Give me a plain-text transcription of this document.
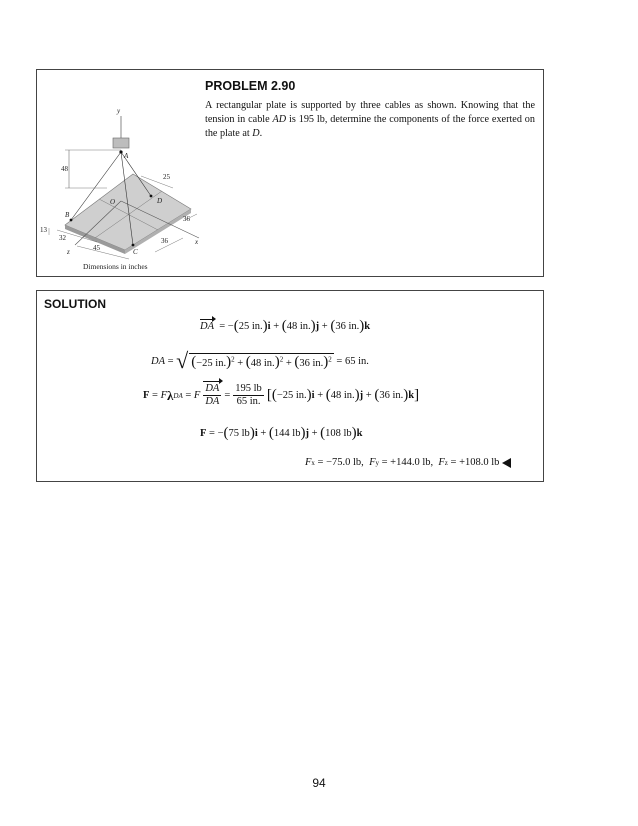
y
A
O
B
C
D
x
z
48
25
36
36
13
32
45
Dimensions in inches
PROBLEM 2.90
A rectangular plate is supported by three cables as shown. Knowing that the tension in cable AD is 195 lb, determine the components of the force exerted on the plate at D.
SOLUTION
DA
=
− ( 25 in. ) i
+
( 48 in. ) j
+
( 36 in. ) k
DA
=
√ (−25 in.)$^2$ + (48 in.)$^2$ + (36 in.)$^2$
=
65 in.
F
=
F λ DA
=
F $\frac{DA}{DA} = \frac{195 lb}{65 in.}$ [ ( −25 in. ) i
+
( 48 in. ) j
+
( 36 in. ) k ]
F
=
− ( 75 lb ) i
+
( 144 lb ) j
+
( 108 lb ) k
F x
= −75.0 lb,
F y
= +144.0 lb,
F z
= +108.0 lb
94
